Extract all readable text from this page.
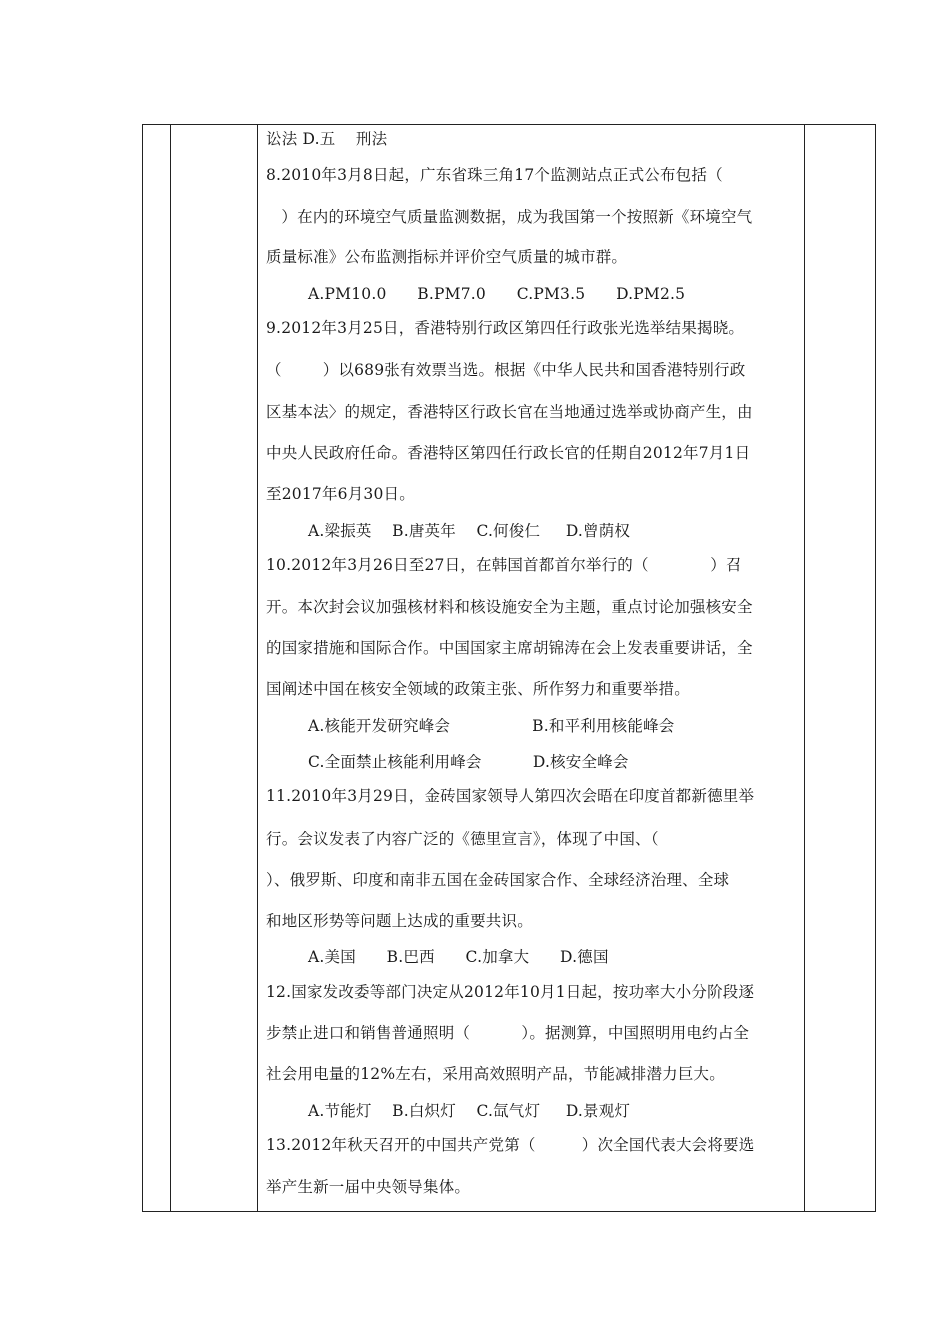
讼法 D.五    刑法
8.2010年3月8日起，广东省珠三角17个监测站点正式公布包括（
）在内的环境空气质量监测数据，成为我国第一个按照新《环境空气
质量标准》公布监测指标并评价空气质量的城市群。
A.PM10.0      B.PM7.0      C.PM3.5      D.PM2.5
9.2012年3月25日，香港特别行政区第四任行政张光选举结果揭晓。
（        ）以689张有效票当选。根据《中华人民共和国香港特别行政
区基本法〉的规定，香港特区行政长官在当地通过选举或协商产生，由
中央人民政府任命。香港特区第四任行政长官的任期自2012年7月1日
至2017年6月30日。
A.梁振英    B.唐英年    C.何俊仁     D.曾荫权
10.2012年3月26日至27日，在韩国首都首尔举行的（            ）召
开。本次封会议加强核材料和核设施安全为主题，重点讨论加强核安全
的国家措施和国际合作。中国国家主席胡锦涛在会上发表重要讲话，全
国阐述中国在核安全领域的政策主张、所作努力和重要举措。
A.核能开发研究峰会                B.和平利用核能峰会
C.全面禁止核能利用峰会          D.核安全峰会
11.2010年3月29日，金砖国家领导人第四次会晤在印度首都新德里举
行。会议发表了内容广泛的《德里宣言》，体现了中国、（
）、俄罗斯、印度和南非五国在金砖国家合作、全球经济治理、全球
和地区形势等问题上达成的重要共识。
A.美国      B.巴西      C.加拿大      D.德国
12.国家发改委等部门决定从2012年10月1日起，按功率大小分阶段逐
步禁止进口和销售普通照明（          ）。据测算，中国照明用电约占全
社会用电量的12%左右，采用高效照明产品，节能减排潜力巨大。
A.节能灯    B.白炽灯    C.氙气灯     D.景观灯
13.2012年秋天召开的中国共产党第（         ）次全国代表大会将要选
举产生新一届中央领导集体。
